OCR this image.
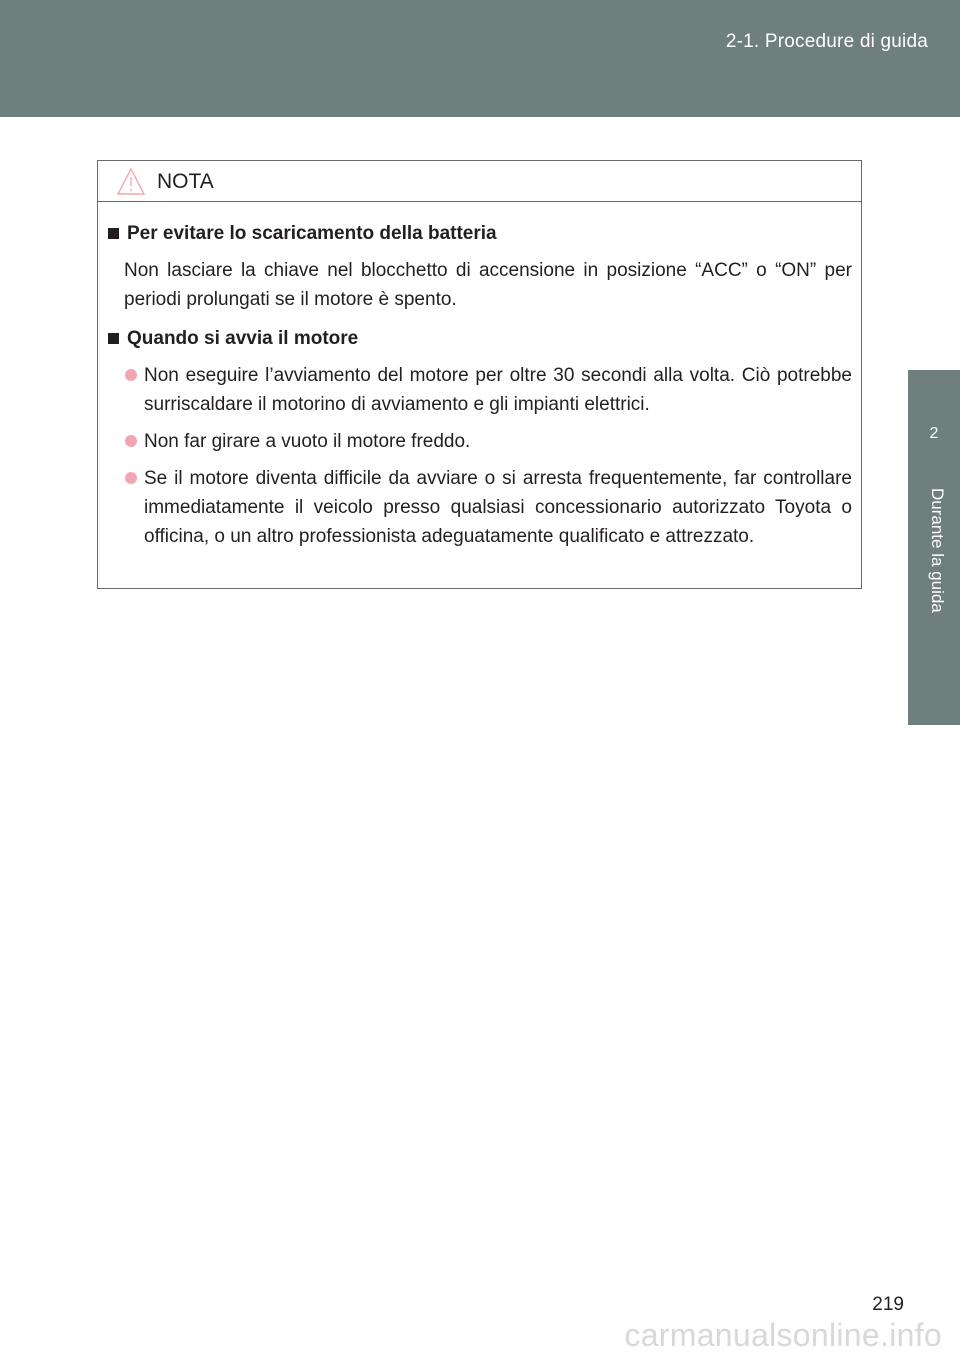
2-1. Procedure di guida
2
Durante la guida
NOTA
Per evitare lo scaricamento della batteria
Non lasciare la chiave nel blocchetto di accensione in posizione “ACC” o “ON” per periodi prolungati se il motore è spento.
Quando si avvia il motore
Non eseguire l’avviamento del motore per oltre 30 secondi alla volta. Ciò potrebbe surriscaldare il motorino di avviamento e gli impianti elettrici.
Non far girare a vuoto il motore freddo.
Se il motore diventa difficile da avviare o si arresta frequentemente, far controllare immediatamente il veicolo presso qualsiasi concessionario autorizzato Toyota o officina, o un altro professionista adeguatamente qualificato e attrezzato.
219
carmanualsonline.info
